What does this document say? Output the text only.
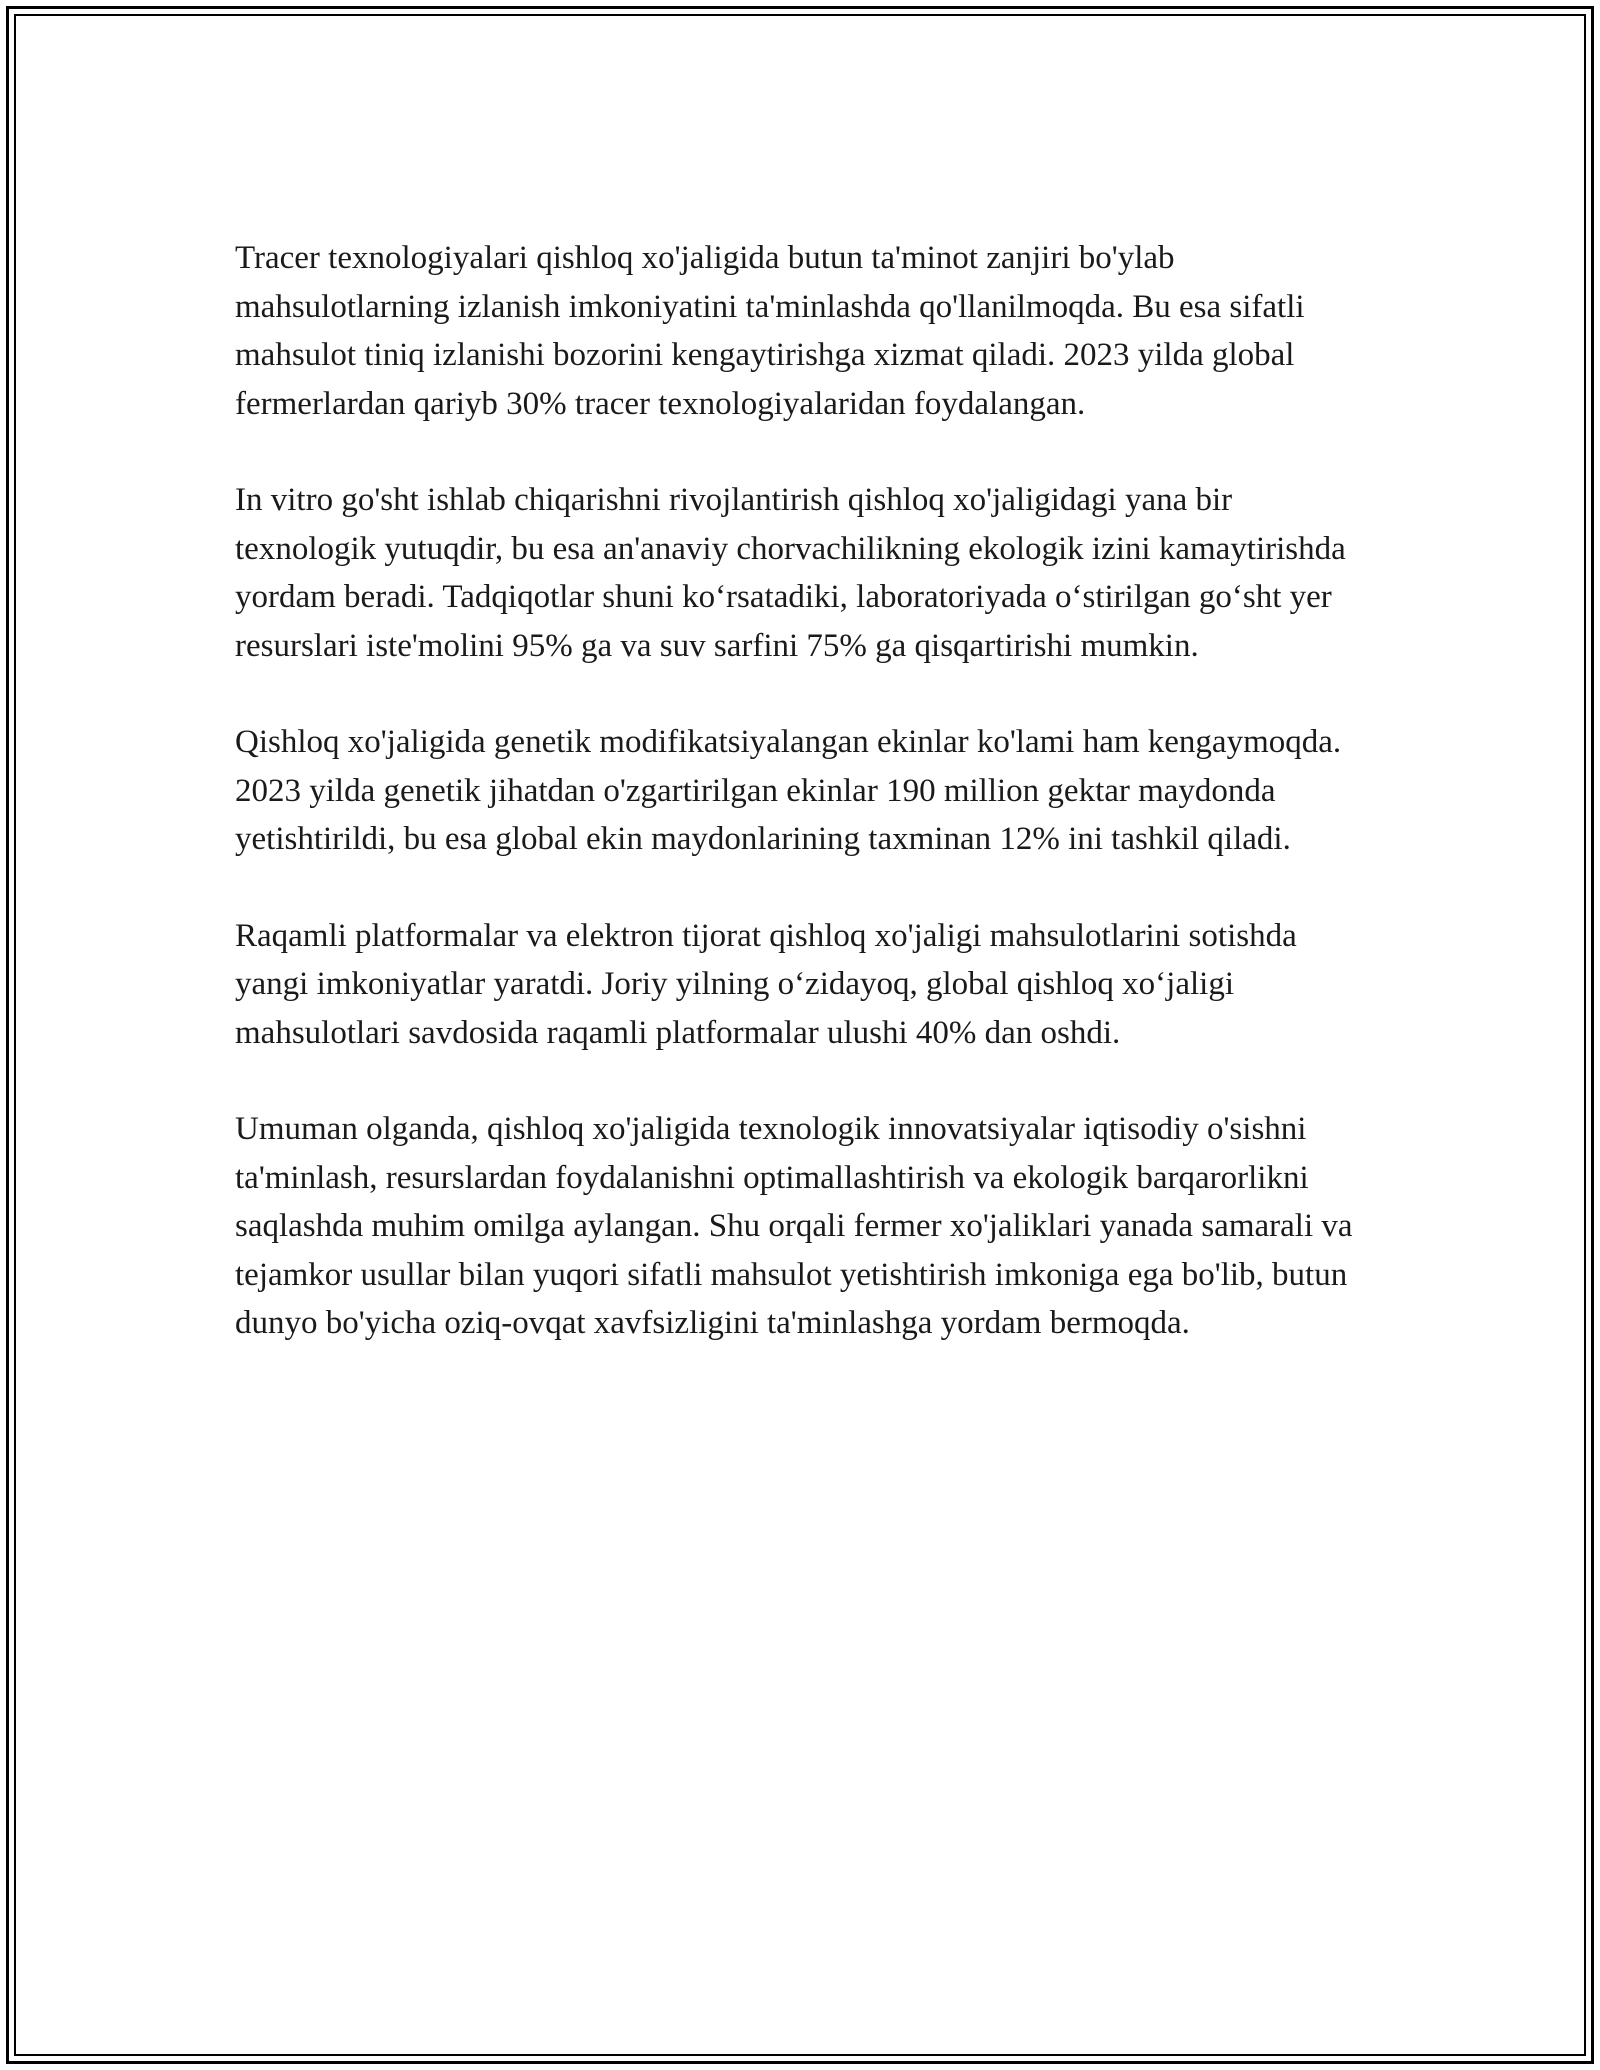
Tracer texnologiyalari qishloq xo'jaligida butun ta'minot zanjiri bo'ylab mahsulotlarning izlanish imkoniyatini ta'minlashda qo'llanilmoqda. Bu esa sifatli mahsulot tiniq izlanishi bozorini kengaytirishga xizmat qiladi. 2023 yilda global fermerlardan qariyb 30% tracer texnologiyalaridan foydalangan.

In vitro go'sht ishlab chiqarishni rivojlantirish qishloq xo'jaligidagi yana bir texnologik yutuqdir, bu esa an'anaviy chorvachilikning ekologik izini kamaytirishda yordam beradi. Tadqiqotlar shuni ko‘rsatadiki, laboratoriyada o‘stirilgan go‘sht yer resurslari iste'molini 95% ga va suv sarfini 75% ga qisqartirishi mumkin.

Qishloq xo'jaligida genetik modifikatsiyalangan ekinlar ko'lami ham kengaymoqda. 2023 yilda genetik jihatdan o'zgartirilgan ekinlar 190 million gektar maydonda yetishtirildi, bu esa global ekin maydonlarining taxminan 12% ini tashkil qiladi.

Raqamli platformalar va elektron tijorat qishloq xo'jaligi mahsulotlarini sotishda yangi imkoniyatlar yaratdi. Joriy yilning o‘zidayoq, global qishloq xo‘jaligi mahsulotlari savdosida raqamli platformalar ulushi 40% dan oshdi.

Umuman olganda, qishloq xo'jaligida texnologik innovatsiyalar iqtisodiy o'sishni ta'minlash, resurslardan foydalanishni optimallashtirish va ekologik barqarorlikni saqlashda muhim omilga aylangan. Shu orqali fermer xo'jaliklari yanada samarali va tejamkor usullar bilan yuqori sifatli mahsulot yetishtirish imkoniga ega bo'lib, butun dunyo bo'yicha oziq-ovqat xavfsizligini ta'minlashga yordam bermoqda.
